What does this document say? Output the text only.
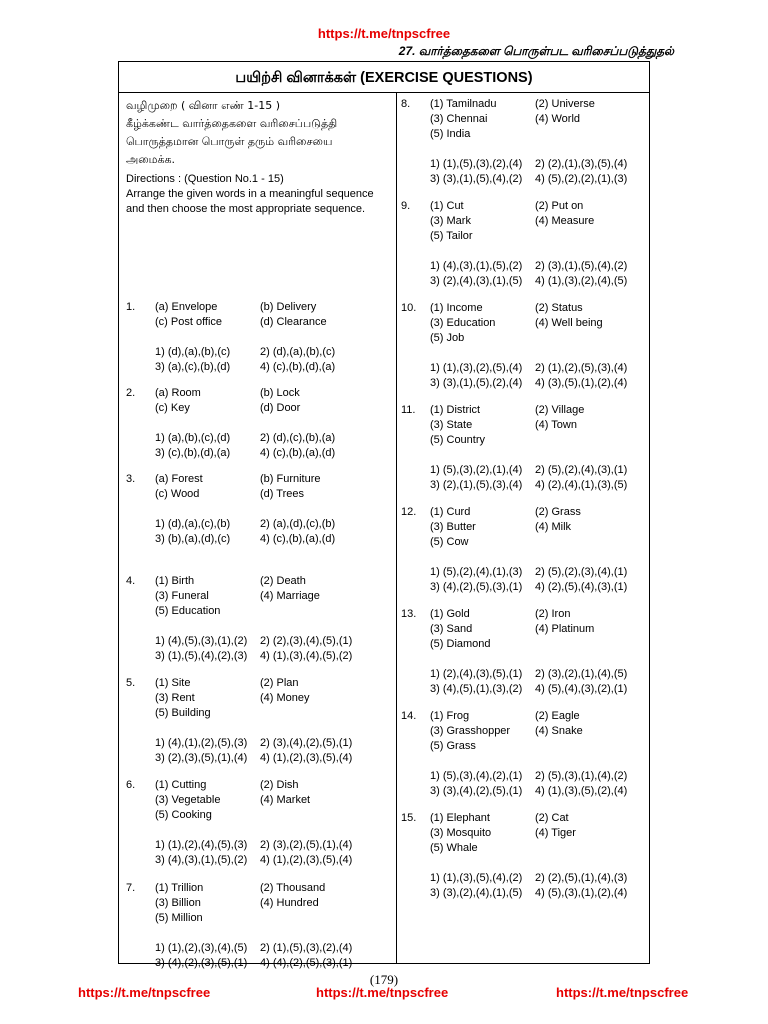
https://t.me/tnpscfree
27. வார்த்தைகளை பொருள்பட வரிசைப்படுத்துதல்
பயிற்சி வினாக்கள் (EXERCISE QUESTIONS)
வழிமுறை ( வினா எண் 1-15 )
கீழ்க்கண்ட வார்த்தைகளை வரிசைப்படுத்தி
பொருத்தமான பொருள் தரும் வரிசையை
அமைக்க.
Directions : (Question No.1 - 15)
Arrange the given words in a meaningful sequence
and then choose the most appropriate sequence.
1. (a) Envelope	(b) Delivery
(c) Post office	(d) Clearance
1) (d),(a),(b),(c)	2) (d),(a),(b),(c)
3) (a),(c),(b),(d)	4) (c),(b),(d),(a)
2. (a) Room	(b) Lock
(c) Key	(d) Door
1) (a),(b),(c),(d)	2) (d),(c),(b),(a)
3) (c),(b),(d),(a)	4) (c),(b),(a),(d)
3. (a) Forest	(b) Furniture
(c) Wood	(d) Trees
1) (d),(a),(c),(b)	2) (a),(d),(c),(b)
3) (b),(a),(d),(c)	4) (c),(b),(a),(d)
4. (1) Birth	(2) Death
(3) Funeral	(4) Marriage
(5) Education
1) (4),(5),(3),(1),(2)	2) (2),(3),(4),(5),(1)
3) (1),(5),(4),(2),(3)	4) (1),(3),(4),(5),(2)
5. (1) Site	(2) Plan
(3) Rent	(4) Money
(5) Building
1) (4),(1),(2),(5),(3)	2) (3),(4),(2),(5),(1)
3) (2),(3),(5),(1),(4)	4) (1),(2),(3),(5),(4)
6. (1) Cutting	(2) Dish
(3) Vegetable	(4) Market
(5) Cooking
1) (1),(2),(4),(5),(3)	2) (3),(2),(5),(1),(4)
3) (4),(3),(1),(5),(2)	4) (1),(2),(3),(5),(4)
7. (1) Trillion	(2) Thousand
(3) Billion	(4) Hundred
(5) Million
1) (1),(2),(3),(4),(5)	2) (1),(5),(3),(2),(4)
3) (4),(2),(3),(5),(1)	4) (4),(2),(5),(3),(1)
8. (1) Tamilnadu	(2) Universe
(3) Chennai	(4) World
(5) India
1) (1),(5),(3),(2),(4)	2) (2),(1),(3),(5),(4)
3) (3),(1),(5),(4),(2)	4) (5),(2),(2),(1),(3)
9. (1) Cut	(2) Put on
(3) Mark	(4) Measure
(5) Tailor
1) (4),(3),(1),(5),(2)	2) (3),(1),(5),(4),(2)
3) (2),(4),(3),(1),(5)	4) (1),(3),(2),(4),(5)
10. (1) Income	(2) Status
(3) Education	(4) Well being
(5) Job
1) (1),(3),(2),(5),(4)	2) (1),(2),(5),(3),(4)
3) (3),(1),(5),(2),(4)	4) (3),(5),(1),(2),(4)
11. (1) District	(2) Village
(3) State	(4) Town
(5) Country
1) (5),(3),(2),(1),(4)	2) (5),(2),(4),(3),(1)
3) (2),(1),(5),(3),(4)	4) (2),(4),(1),(3),(5)
12. (1) Curd	(2) Grass
(3) Butter	(4) Milk
(5) Cow
1) (5),(2),(4),(1),(3)	2) (5),(2),(3),(4),(1)
3) (4),(2),(5),(3),(1)	4) (2),(5),(4),(3),(1)
13. (1) Gold	(2) Iron
(3) Sand	(4) Platinum
(5) Diamond
1) (2),(4),(3),(5),(1)	2) (3),(2),(1),(4),(5)
3) (4),(5),(1),(3),(2)	4) (5),(4),(3),(2),(1)
14. (1) Frog	(2) Eagle
(3) Grasshopper	(4) Snake
(5) Grass
1) (5),(3),(4),(2),(1)	2) (5),(3),(1),(4),(2)
3) (3),(4),(2),(5),(1)	4) (1),(3),(5),(2),(4)
15. (1) Elephant	(2) Cat
(3) Mosquito	(4) Tiger
(5) Whale
1) (1),(3),(5),(4),(2)	2) (2),(5),(1),(4),(3)
3) (3),(2),(4),(1),(5)	4) (5),(3),(1),(2),(4)
(179)
https://t.me/tnpscfree	https://t.me/tnpscfree	https://t.me/tnpscfree
